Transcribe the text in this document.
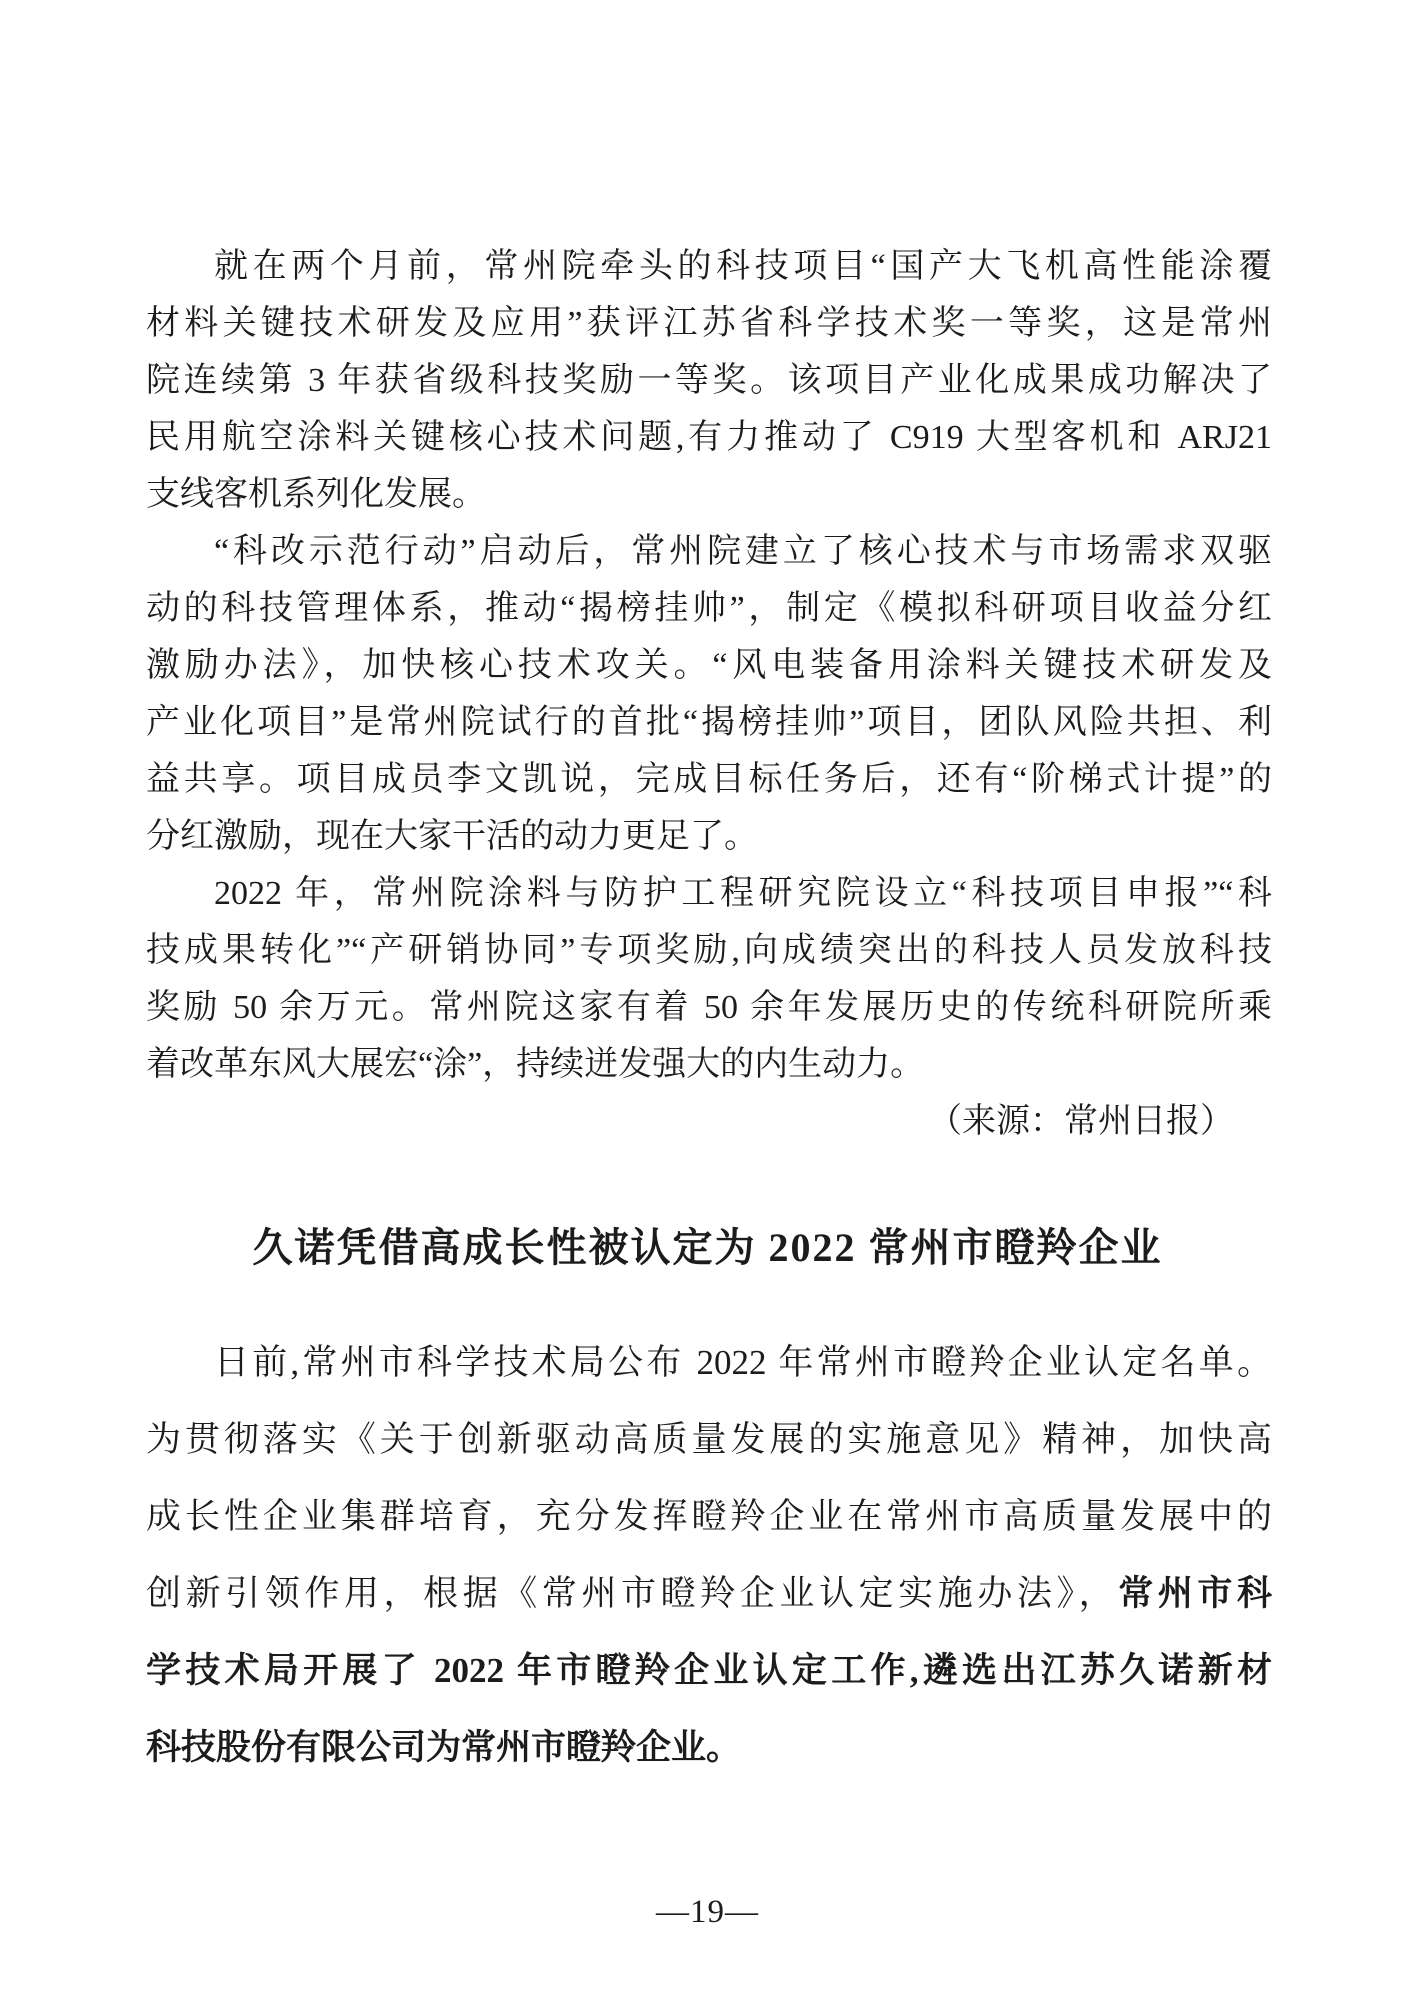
就在两个月前，常州院牵头的科技项目“国产大飞机高性能涂覆
材料关键技术研发及应用”获评江苏省科学技术奖一等奖，这是常州
院连续第 3 年获省级科技奖励一等奖。该项目产业化成果成功解决了
民用航空涂料关键核心技术问题,有力推动了 C919 大型客机和 ARJ21
支线客机系列化发展。
“科改示范行动”启动后，常州院建立了核心技术与市场需求双驱
动的科技管理体系，推动“揭榜挂帅”，制定《模拟科研项目收益分红
激励办法》，加快核心技术攻关。“风电装备用涂料关键技术研发及
产业化项目”是常州院试行的首批“揭榜挂帅”项目，团队风险共担、利
益共享。项目成员李文凯说，完成目标任务后，还有“阶梯式计提”的
分红激励，现在大家干活的动力更足了。
2022 年，常州院涂料与防护工程研究院设立“科技项目申报”“科
技成果转化”“产研销协同”专项奖励,向成绩突出的科技人员发放科技
奖励 50 余万元。常州院这家有着 50 余年发展历史的传统科研院所乘
着改革东风大展宏“涂”，持续迸发强大的内生动力。
（来源：常州日报）
久诺凭借高成长性被认定为 2022 常州市瞪羚企业
日前,常州市科学技术局公布 2022 年常州市瞪羚企业认定名单。
为贯彻落实《关于创新驱动高质量发展的实施意见》精神，加快高
成长性企业集群培育，充分发挥瞪羚企业在常州市高质量发展中的
创新引领作用，根据《常州市瞪羚企业认定实施办法》，常州市科
学技术局开展了 2022 年市瞪羚企业认定工作,遴选出江苏久诺新材
科技股份有限公司为常州市瞪羚企业。
—19—
